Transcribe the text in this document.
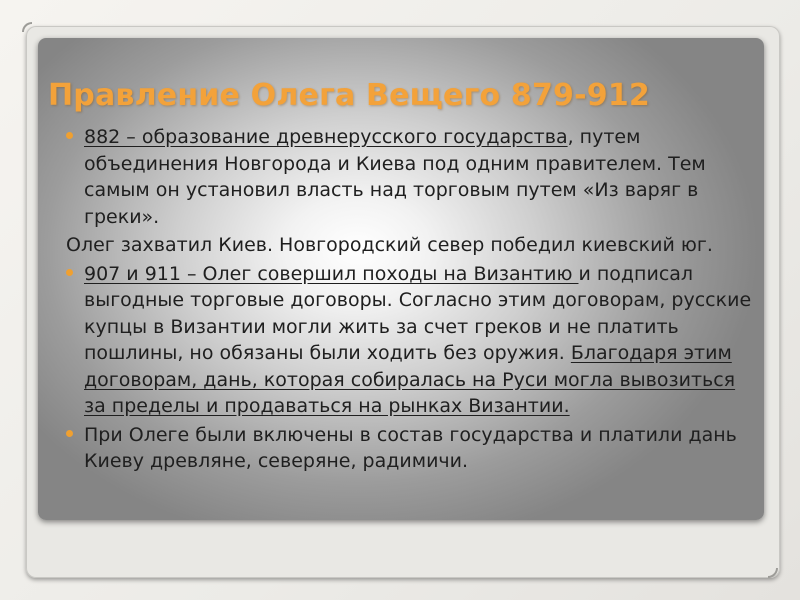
Правление Олега Вещего 879-912
882 – образование древнерусского государства, путем объединения Новгорода и Киева под одним правителем. Тем самым он установил власть над торговым путем «Из варяг в греки».
Олег захватил Киев. Новгородский север победил киевский юг.
907 и 911 – Олег совершил походы на Византию и подписал выгодные торговые договоры. Согласно этим договорам, русские купцы в Византии могли жить за счет греков и не платить пошлины, но обязаны были ходить без оружия. Благодаря этим договорам, дань, которая собиралась на Руси могла вывозиться за пределы и продаваться на рынках Византии.
При Олеге были включены в состав государства и платили дань Киеву древляне, северяне, радимичи.
